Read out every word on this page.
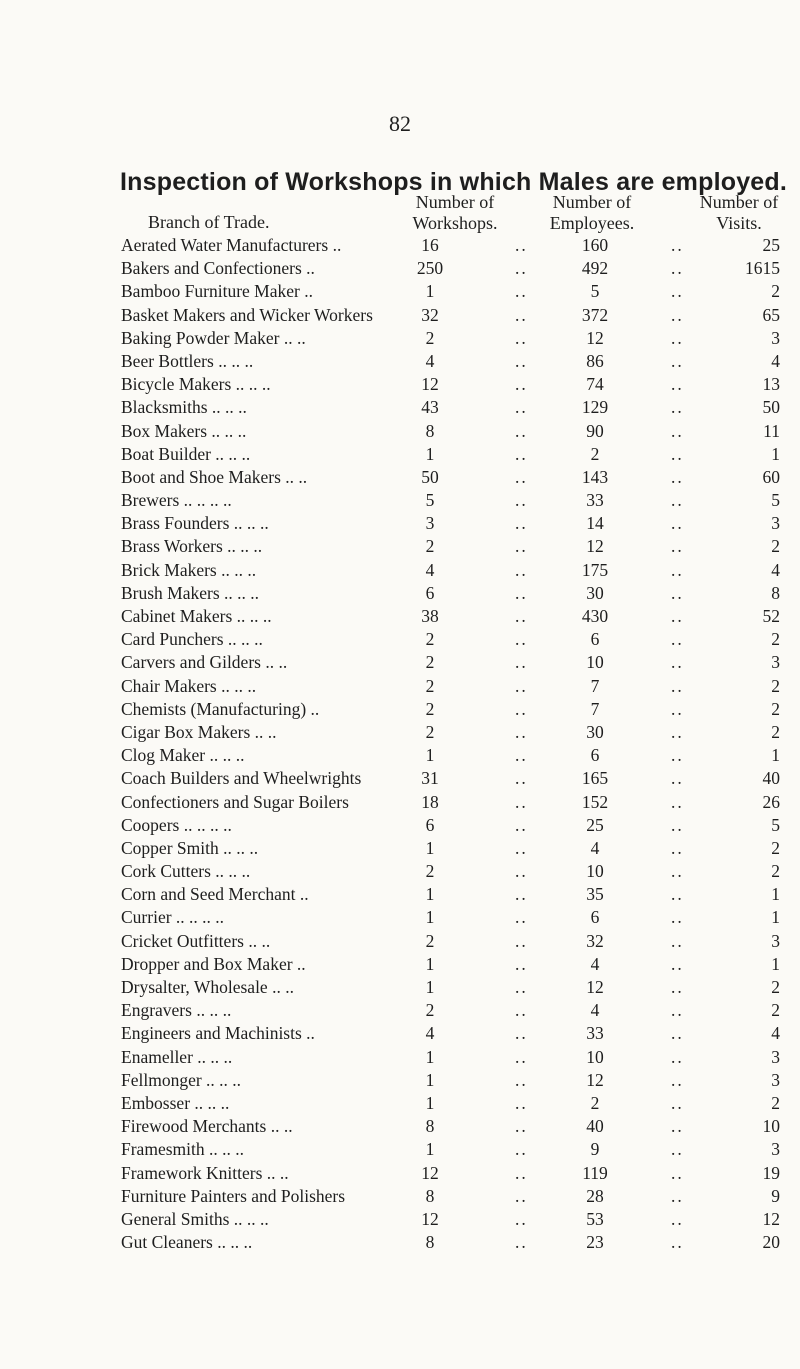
82
Inspection of Workshops in which Males are employed.
Branch of Trade.
Number of
Workshops.
Number of
Employees.
Number of
Visits.
Aerated Water Manufacturers ..	16	..	160	..	25
Bakers and Confectioners ..	250	..	492	..	1615
Bamboo Furniture Maker ..	1	..	5	..	2
Basket Makers and Wicker Workers	32	..	372	..	65
Baking Powder Maker .. ..	2	..	12	..	3
Beer Bottlers .. .. ..	4	..	86	..	4
Bicycle Makers .. .. ..	12	..	74	..	13
Blacksmiths .. .. ..	43	..	129	..	50
Box Makers .. .. ..	8	..	90	..	11
Boat Builder .. .. ..	1	..	2	..	1
Boot and Shoe Makers .. ..	50	..	143	..	60
Brewers .. .. .. ..	5	..	33	..	5
Brass Founders .. .. ..	3	..	14	..	3
Brass Workers .. .. ..	2	..	12	..	2
Brick Makers .. .. ..	4	..	175	..	4
Brush Makers .. .. ..	6	..	30	..	8
Cabinet Makers .. .. ..	38	..	430	..	52
Card Punchers .. .. ..	2	..	6	..	2
Carvers and Gilders .. ..	2	..	10	..	3
Chair Makers .. .. ..	2	..	7	..	2
Chemists (Manufacturing) ..	2	..	7	..	2
Cigar Box Makers .. ..	2	..	30	..	2
Clog Maker .. .. ..	1	..	6	..	1
Coach Builders and Wheelwrights	31	..	165	..	40
Confectioners and Sugar Boilers	18	..	152	..	26
Coopers .. .. .. ..	6	..	25	..	5
Copper Smith .. .. ..	1	..	4	..	2
Cork Cutters .. .. ..	2	..	10	..	2
Corn and Seed Merchant ..	1	..	35	..	1
Currier .. .. .. ..	1	..	6	..	1
Cricket Outfitters .. ..	2	..	32	..	3
Dropper and Box Maker ..	1	..	4	..	1
Drysalter, Wholesale .. ..	1	..	12	..	2
Engravers .. .. ..	2	..	4	..	2
Engineers and Machinists ..	4	..	33	..	4
Enameller .. .. ..	1	..	10	..	3
Fellmonger .. .. ..	1	..	12	..	3
Embosser .. .. ..	1	..	2	..	2
Firewood Merchants .. ..	8	..	40	..	10
Framesmith .. .. ..	1	..	9	..	3
Framework Knitters .. ..	12	..	119	..	19
Furniture Painters and Polishers	8	..	28	..	9
General Smiths .. .. ..	12	..	53	..	12
Gut Cleaners .. .. ..	8	..	23	..	20
